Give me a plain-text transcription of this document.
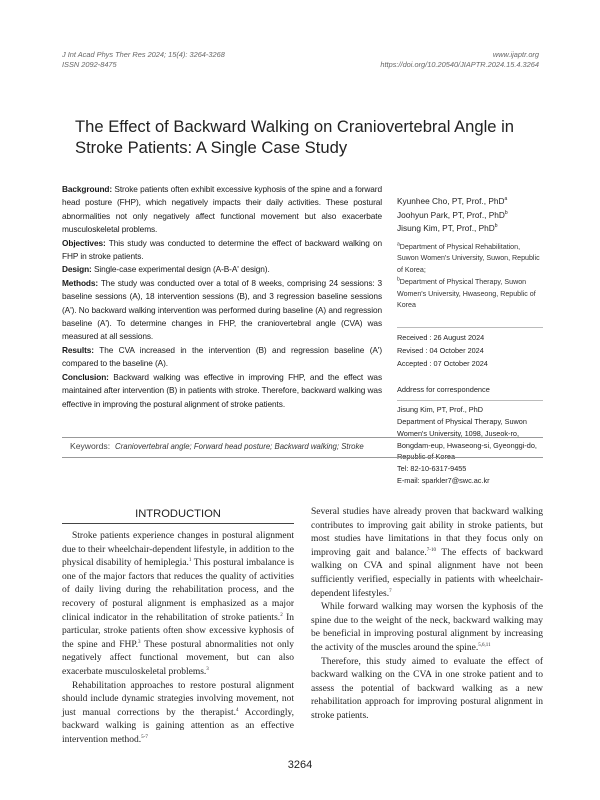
J Int Acad Phys Ther Res 2024; 15(4): 3264-3268
ISSN 2092-8475
www.ijaptr.org
https://doi.org/10.20540/JIAPTR.2024.15.4.3264
The Effect of Backward Walking on Craniovertebral Angle in Stroke Patients: A Single Case Study

Background: Stroke patients often exhibit excessive kyphosis of the spine and a forward head posture (FHP), which negatively impacts their daily activities. These postural abnormalities not only negatively affect functional movement but also exacerbate musculoskeletal problems.

Objectives: This study was conducted to determine the effect of backward walking on FHP in stroke patients.

Design: Single-case experimental design (A-B-A' design).

Methods: The study was conducted over a total of 8 weeks, comprising 24 sessions: 3 baseline sessions (A), 18 intervention sessions (B), and 3 regression baseline sessions (A'). No backward walking intervention was performed during baseline (A) and regression baseline (A'). To determine changes in FHP, the craniovertebral angle (CVA) was measured at all sessions.

Results: The CVA increased in the intervention (B) and regression baseline (A') compared to the baseline (A).

Conclusion: Backward walking was effective in improving FHP, and the effect was maintained after intervention (B) in patients with stroke. Therefore, backward walking was effective in improving the postural alignment of stroke patients.

Kyunhee Cho, PT, Prof., PhD$^a$
Joohyun Park, PT, Prof., PhD$^b$
Jisung Kim, PT, Prof., PhD$^b$
$^a$Department of Physical Rehabilitation, Suwon Women's University, Suwon, Republic of Korea;
$^b$Department of Physical Therapy, Suwon Women's University, Hwaseong, Republic of Korea
Received : 26 August 2024
Revised : 04 October 2024
Accepted : 07 October 2024
Address for correspondence
Jisung Kim, PT, Prof., PhD
Department of Physical Therapy, Suwon Women's University, 1098, Juseok-ro, Bongdam-eup, Hwaseong-si, Gyeonggi-do, Republic of Korea
Tel: 82-10-6317-9455
E-mail: sparkler7@swc.ac.kr
Keywords: Craniovertebral angle; Forward head posture; Backward walking; Stroke
INTRODUCTION

Stroke patients experience changes in postural alignment due to their wheelchair-dependent lifestyle, in addition to the physical disability of hemiplegia.$^1$ This postural imbalance is one of the major factors that reduces the quality of activities of daily living during the rehabilitation process, and the recovery of postural alignment is emphasized as a major clinical indicator in the rehabilitation of stroke patients.$^2$ In particular, stroke patients often show excessive kyphosis of the spine and FHP.$^3$ These postural abnormalities not only negatively affect functional movement, but can also exacerbate musculoskeletal problems.$^3$

Rehabilitation approaches to restore postural alignment should include dynamic strategies involving movement, not just manual corrections by the therapist.$^4$ Accordingly, backward walking is gaining attention as an effective intervention method.$^{5-7}$

Several studies have already proven that backward walking contributes to improving gait ability in stroke patients, but most studies have limitations in that they focus only on improving gait and balance.$^{7-10}$ The effects of backward walking on CVA and spinal alignment have not been sufficiently verified, especially in patients with wheelchair-dependent lifestyles.$^7$

While forward walking may worsen the kyphosis of the spine due to the weight of the neck, backward walking may be beneficial in improving postural alignment by increasing the activity of the muscles around the spine.$^{5,6,11}$

Therefore, this study aimed to evaluate the effect of backward walking on the CVA in one stroke patient and to assess the potential of backward walking as a new rehabilitation approach for improving postural alignment in stroke patients.

3264
